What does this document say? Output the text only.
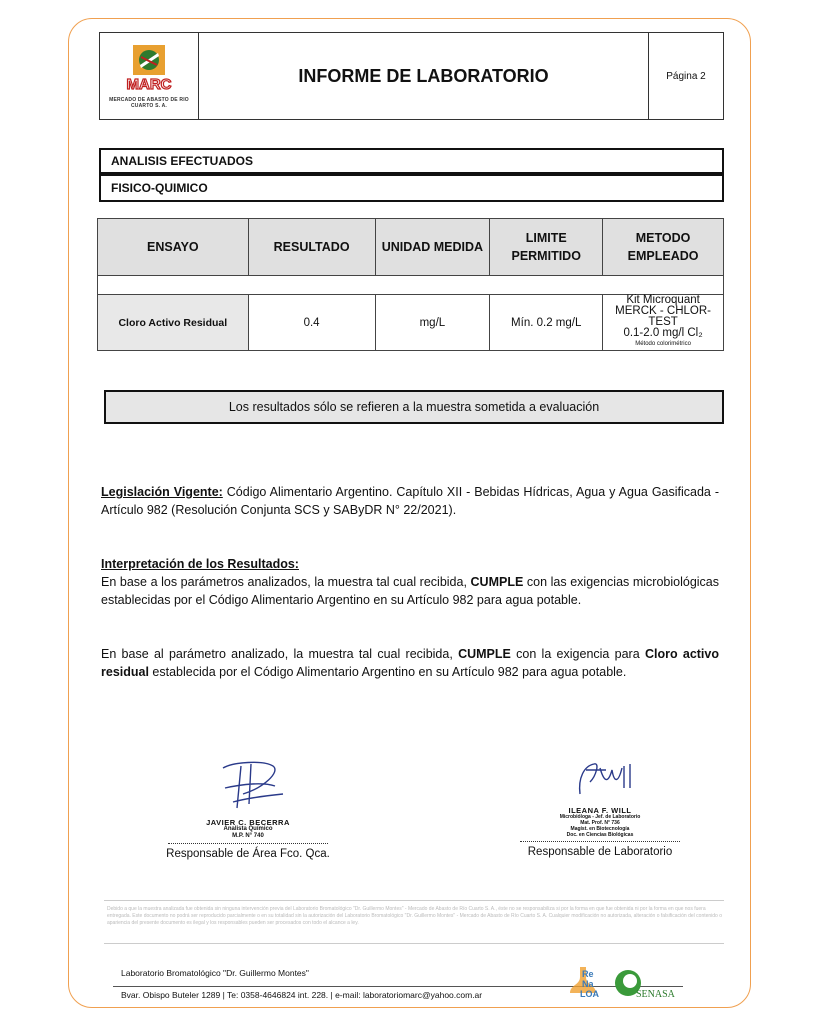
MARC
MERCADO DE ABASTO DE RIO CUARTO S. A.
INFORME DE LABORATORIO	Página 2
ANALISIS EFECTUADOS
FISICO-QUIMICO
ENSAYO	RESULTADO	UNIDAD MEDIDA	LIMITE PERMITIDO	METODO EMPLEADO

Cloro Activo Residual	0.4	mg/L	Mín. 0.2 mg/L	Kit Microquant
MERCK - CHLOR-TEST
0.1-2.0 mg/l Cl₂
Método colorimétrico
Los resultados sólo se refieren a la muestra sometida a evaluación
Legislación Vigente: Código Alimentario Argentino. Capítulo XII - Bebidas Hídricas, Agua y Agua Gasificada - Artículo 982 (Resolución Conjunta SCS y SAByDR N° 22/2021).
Interpretación de los Resultados:
En base a los parámetros analizados, la muestra tal cual recibida, CUMPLE con las exigencias microbiológicas establecidas por el Código Alimentario Argentino en su Artículo 982 para agua potable.
En base al parámetro analizado, la muestra tal cual recibida, CUMPLE con la exigencia para Cloro activo residual establecida por el Código Alimentario Argentino en su Artículo 982 para agua potable.
JAVIER C. BECERRA
Analista Químico
M.P. N° 740
Responsable de Área Fco. Qca.
ILEANA F. WILL
Microbióloga - Jef. de Laboratorio
Mat. Prof. N° 736
Magíst. en Biotecnología
Doc. en Ciencias Biológicas
Responsable de Laboratorio
Debido a que la muestra analizada fue obtenida sin ninguna intervención previa del Laboratorio Bromatológico "Dr. Guillermo Montes" - Mercado de Abasto de Río Cuarto S. A., éste no se responsabiliza si por la forma en que fue obtenida ni por la forma en que nos fuera entregada. Este documento no podrá ser reproducido parcialmente o en su totalidad sin la autorización del Laboratorio Bromatológico "Dr. Guillermo Montes" - Mercado de Abasto de Río Cuarto S. A. Cualquier modificación no autorizada, alteración o falsificación del contenido o apariencia del presente documento es ilegal y los responsables pueden ser procesados con todo el alcance a ley.
Laboratorio Bromatológico "Dr. Guillermo Montes"
Bvar. Obispo Buteler 1289 | Te: 0358-4646824 int. 228. | e-mail: laboratoriomarc@yahoo.com.ar
Re
Na
LOA	SENASA
